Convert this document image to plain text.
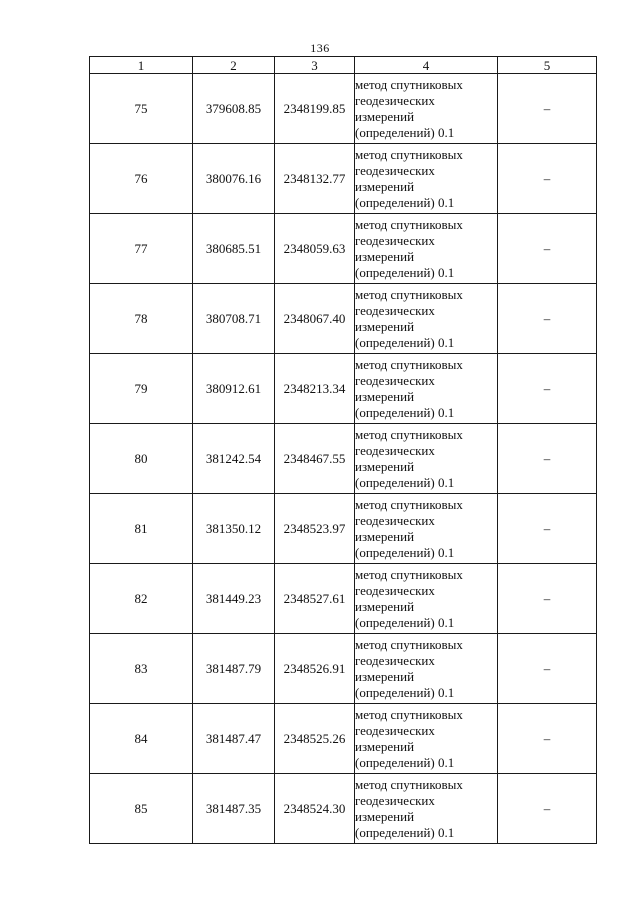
136
1	2	3	4	5
75	379608.85	2348199.85	метод спутниковых
геодезических
измерений
(определений) 0.1	–
76	380076.16	2348132.77	метод спутниковых
геодезических
измерений
(определений) 0.1	–
77	380685.51	2348059.63	метод спутниковых
геодезических
измерений
(определений) 0.1	–
78	380708.71	2348067.40	метод спутниковых
геодезических
измерений
(определений) 0.1	–
79	380912.61	2348213.34	метод спутниковых
геодезических
измерений
(определений) 0.1	–
80	381242.54	2348467.55	метод спутниковых
геодезических
измерений
(определений) 0.1	–
81	381350.12	2348523.97	метод спутниковых
геодезических
измерений
(определений) 0.1	–
82	381449.23	2348527.61	метод спутниковых
геодезических
измерений
(определений) 0.1	–
83	381487.79	2348526.91	метод спутниковых
геодезических
измерений
(определений) 0.1	–
84	381487.47	2348525.26	метод спутниковых
геодезических
измерений
(определений) 0.1	–
85	381487.35	2348524.30	метод спутниковых
геодезических
измерений
(определений) 0.1	–
